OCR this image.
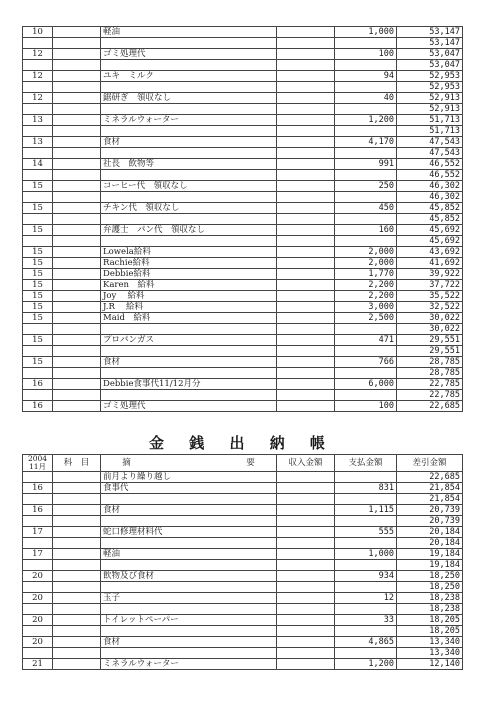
10		軽油		1,000	53,147
					53,147
12		ゴミ処理代		100	53,047
					53,047
12		ユキ　ミルク		94	52,953
					52,953
12		鋸研ぎ　領収なし		40	52,913
					52,913
13		ミネラルウォーター		1,200	51,713
					51,713
13		食材		4,170	47,543
					47,543
14		社長　飲物等		991	46,552
					46,552
15		コーヒー代　領収なし		250	46,302
					46,302
15		チキン代　領収なし		450	45,852
					45,852
15		弁護士　パン代　領収なし		160	45,692
					45,692
15		Lowela給料		2,000	43,692
15		Rachie給料		2,000	41,692
15		Debbie給料		1,770	39,922
15		Karen　給料		2,200	37,722
15		Joy　 給料		2,200	35,522
15		J.R　 給料		3,000	32,522
15		Maid　給料		2,500	30,022
					30,022
15		プロパンガス		471	29,551
					29,551
15		食材		766	28,785
					28,785
16		Debbie食事代11/12月分		6,000	22,785
					22,785
16		ゴミ処理代		100	22,685
金 銭 出 納 帳
2004
11月	科　目	摘 要	収入金額	支払金額	差引金額
		前月より繰り越し			22,685
16		食事代		831	21,854
					21,854
16		食材		1,115	20,739
					20,739
17		蛇口修理材料代		555	20,184
					20,184
17		軽油		1,000	19,184
					19,184
20		飲物及び食材		934	18,250
					18,250
20		玉子		12	18,238
					18,238
20		トイレットペーパー		33	18,205
					18,205
20		食材		4,865	13,340
					13,340
21		ミネラルウォーター		1,200	12,140
